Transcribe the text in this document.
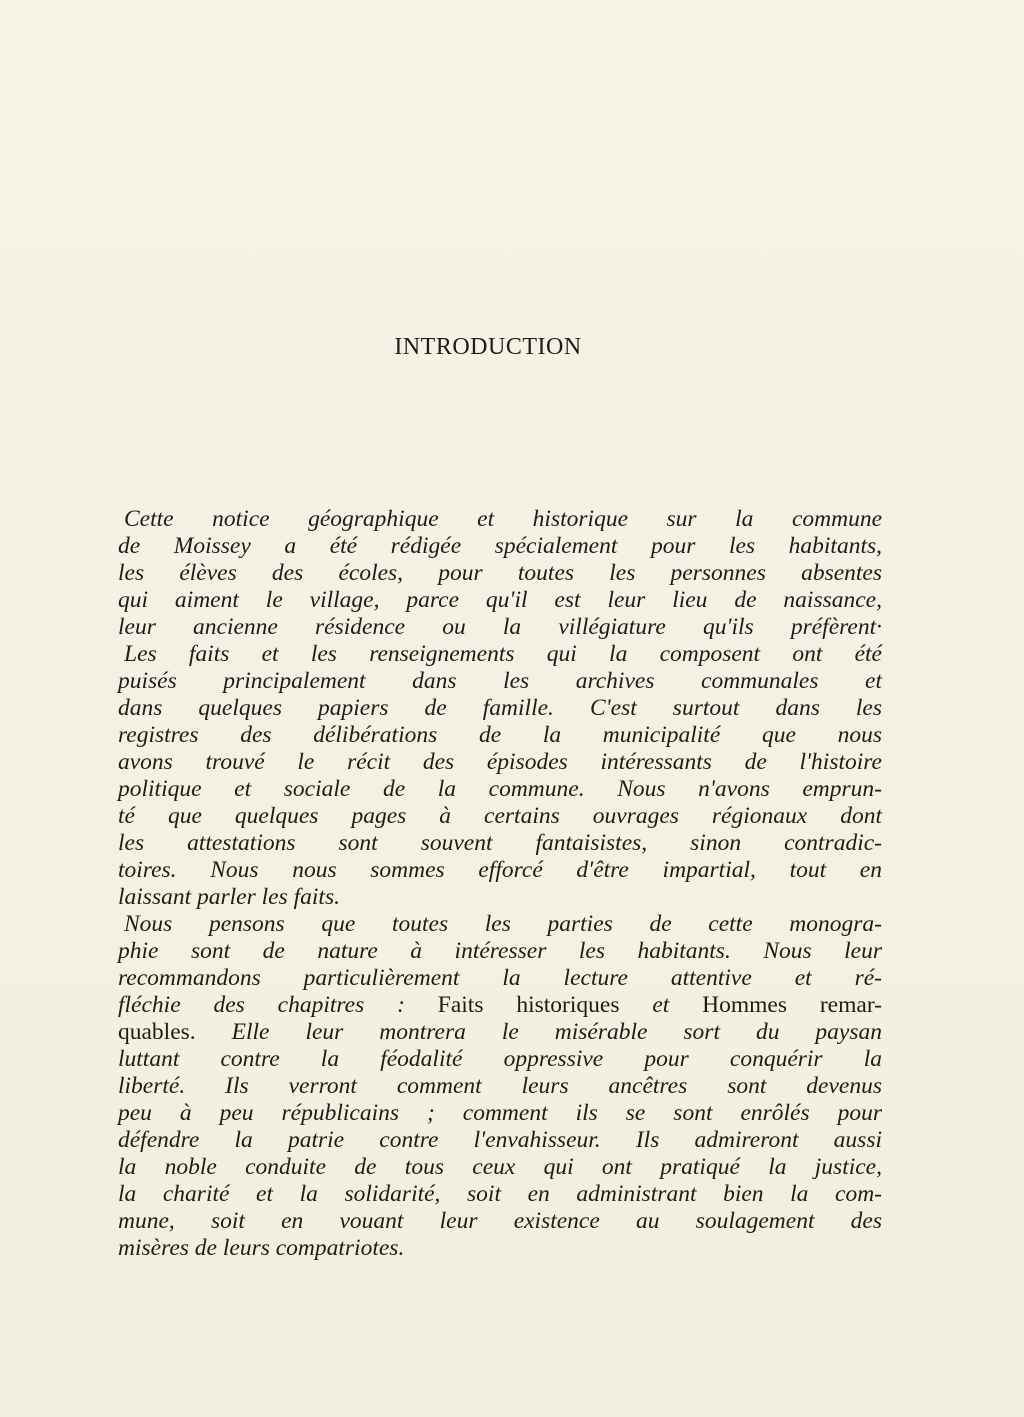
INTRODUCTION
Cette notice géographique et historique sur la commune
de Moissey a été rédigée spécialement pour les habitants,
les élèves des écoles, pour toutes les personnes absentes
qui aiment le village, parce qu'il est leur lieu de naissance,
leur ancienne résidence ou la villégiature qu'ils préfèrent·
Les faits et les renseignements qui la composent ont été
puisés principalement dans les archives communales et
dans quelques papiers de famille. C'est surtout dans les
registres des délibérations de la municipalité que nous
avons trouvé le récit des épisodes intéressants de l'histoire
politique et sociale de la commune. Nous n'avons emprun-
té que quelques pages à certains ouvrages régionaux dont
les attestations sont souvent fantaisistes, sinon contradic-
toires. Nous nous sommes efforcé d'être impartial, tout en
laissant parler les faits.
Nous pensons que toutes les parties de cette monogra-
phie sont de nature à intéresser les habitants. Nous leur
recommandons particulièrement la lecture attentive et ré-
fléchie des chapitres : Faits historiques et Hommes remar-
quables. Elle leur montrera le misérable sort du paysan
luttant contre la féodalité oppressive pour conquérir la
liberté. Ils verront comment leurs ancêtres sont devenus
peu à peu républicains ; comment ils se sont enrôlés pour
défendre la patrie contre l'envahisseur. Ils admireront aussi
la noble conduite de tous ceux qui ont pratiqué la justice,
la charité et la solidarité, soit en administrant bien la com-
mune, soit en vouant leur existence au soulagement des
misères de leurs compatriotes.
